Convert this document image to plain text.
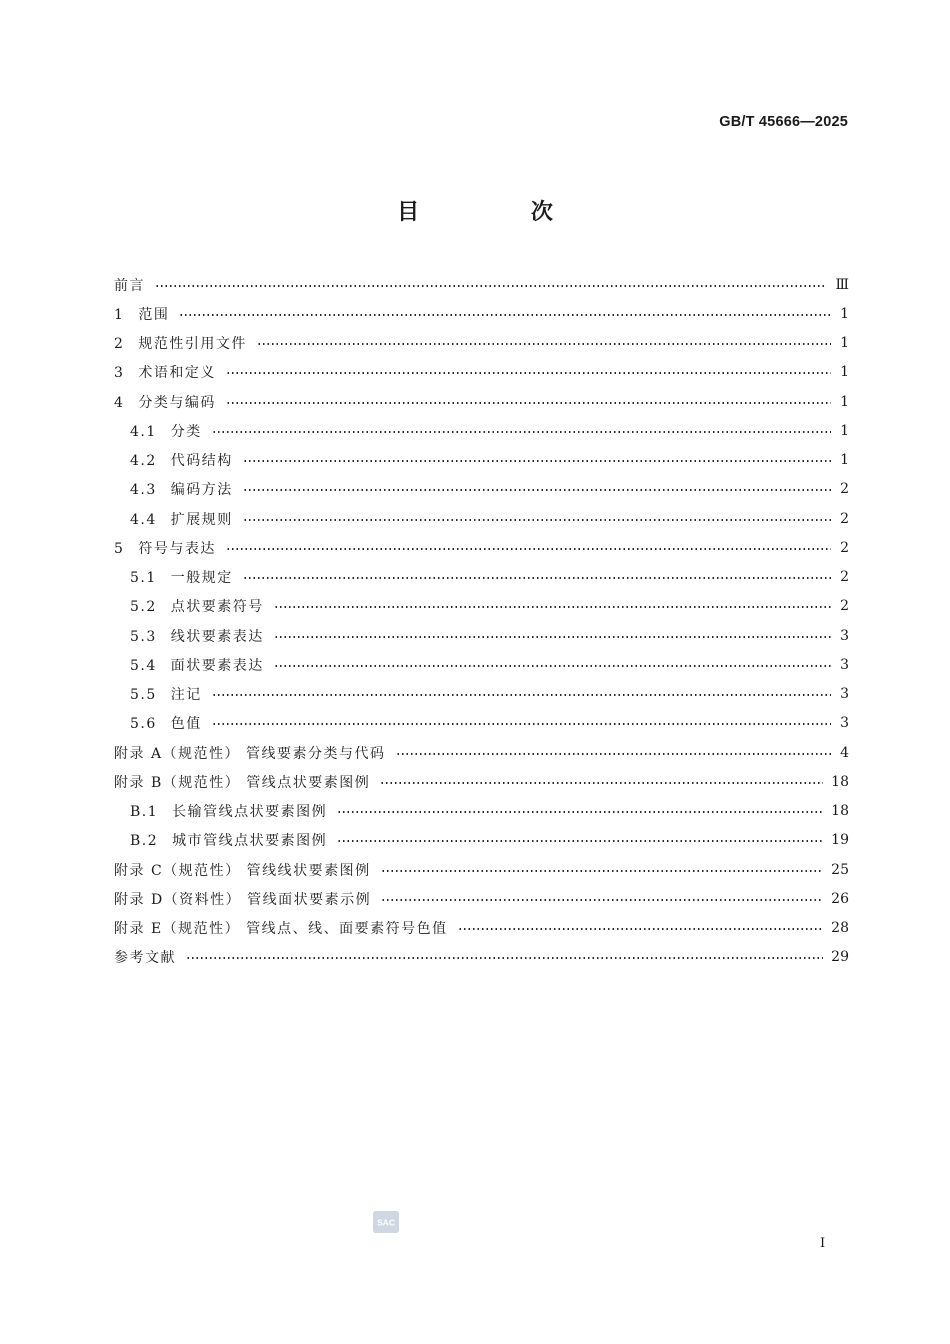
GB/T 45666—2025
目 次
前言	Ⅲ
1 范围	1
2 规范性引用文件	1
3 术语和定义	1
4 分类与编码	1
4.1 分类	1
4.2 代码结构	1
4.3 编码方法	2
4.4 扩展规则	2
5 符号与表达	2
5.1 一般规定	2
5.2 点状要素符号	2
5.3 线状要素表达	3
5.4 面状要素表达	3
5.5 注记	3
5.6 色值	3
附录 A（规范性） 管线要素分类与代码	4
附录 B（规范性） 管线点状要素图例	18
B.1 长输管线点状要素图例	18
B.2 城市管线点状要素图例	19
附录 C（规范性） 管线线状要素图例	25
附录 D（资料性） 管线面状要素示例	26
附录 E（规范性） 管线点、线、面要素符号色值	28
参考文献	29
SAC
I
